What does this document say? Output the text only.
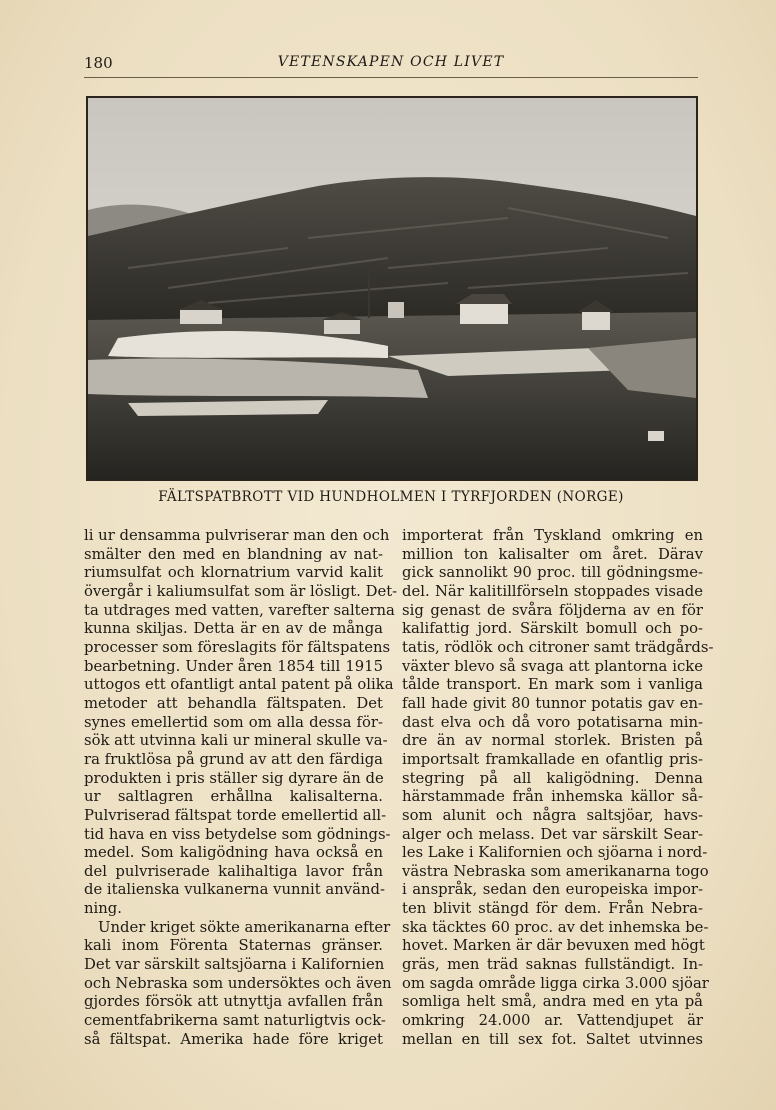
180	VETENSKAPEN OCH LIVET
FÄLTSPATBROTT VID HUNDHOLMEN I TYRFJORDEN (NORGE)
li ur densamma pulvriserar man den och
smälter den med en blandning av nat-
riumsulfat och klornatrium varvid kalit
övergår i kaliumsulfat som är lösligt. Det-
ta utdrages med vatten, varefter salterna
kunna skiljas. Detta är en av de många
processer som föreslagits för fältspatens
bearbetning. Under åren 1854 till 1915
uttogos ett ofantligt antal patent på olika
metoder att behandla fältspaten. Det
synes emellertid som om alla dessa för-
sök att utvinna kali ur mineral skulle va-
ra fruktlösa på grund av att den färdiga
produkten i pris ställer sig dyrare än de
ur saltlagren erhållna kalisalterna.
Pulvriserad fältspat torde emellertid all-
tid hava en viss betydelse som gödnings-
medel. Som kaligödning hava också en
del pulvriserade kalihaltiga lavor från
de italienska vulkanerna vunnit använd-
ning.
Under kriget sökte amerikanarna efter
kali inom Förenta Staternas gränser.
Det var särskilt saltsjöarna i Kalifornien
och Nebraska som undersöktes och även
gjordes försök att utnyttja avfallen från
cementfabrikerna samt naturligtvis ock-
så fältspat. Amerika hade före kriget
importerat från Tyskland omkring en
million ton kalisalter om året. Därav
gick sannolikt 90 proc. till gödningsme-
del. När kalitillförseln stoppades visade
sig genast de svåra följderna av en för
kalifattig jord. Särskilt bomull och po-
tatis, rödlök och citroner samt trädgårds-
växter blevo så svaga att plantorna icke
tålde transport. En mark som i vanliga
fall hade givit 80 tunnor potatis gav en-
dast elva och då voro potatisarna min-
dre än av normal storlek. Bristen på
importsalt framkallade en ofantlig pris-
stegring på all kaligödning. Denna
härstammade från inhemska källor så-
som alunit och några saltsjöar, havs-
alger och melass. Det var särskilt Sear-
les Lake i Kalifornien och sjöarna i nord-
västra Nebraska som amerikanarna togo
i anspråk, sedan den europeiska impor-
ten blivit stängd för dem. Från Nebra-
ska täcktes 60 proc. av det inhemska be-
hovet. Marken är där bevuxen med högt
gräs, men träd saknas fullständigt. In-
om sagda område ligga cirka 3.000 sjöar
somliga helt små, andra med en yta på
omkring 24.000 ar. Vattendjupet är
mellan en till sex fot. Saltet utvinnes
